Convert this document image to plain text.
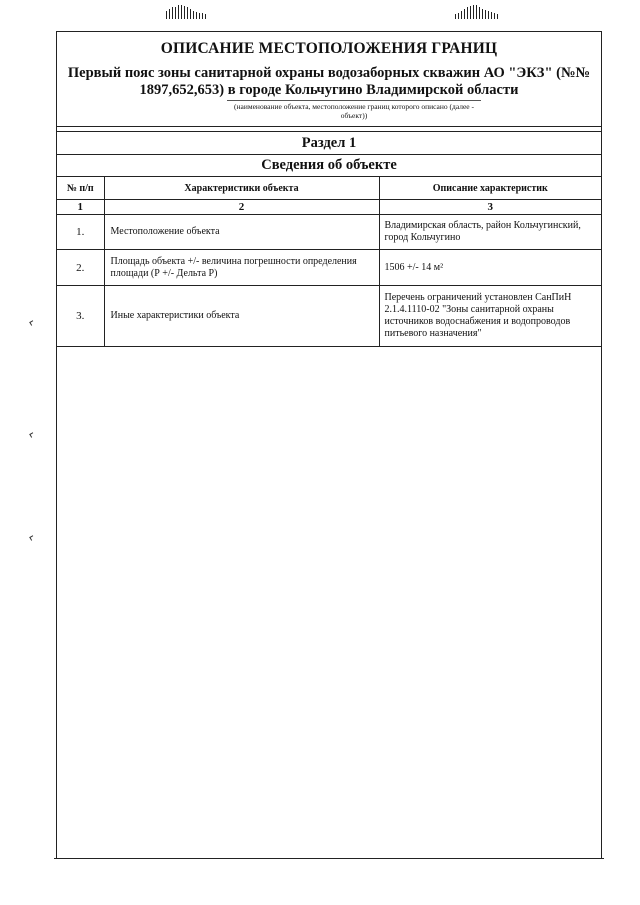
ОПИСАНИЕ МЕСТОПОЛОЖЕНИЯ ГРАНИЦ
Первый пояс зоны санитарной охраны водозаборных скважин АО "ЭКЗ" (№№ 1897,652,653) в городе Кольчугино Владимирской области
(наименование объекта, местоположение границ которого описано (далее - объект))
Раздел 1
Сведения об объекте
№ п/п	Характеристики объекта	Описание характеристик
1	2	3
1.	Местоположение объекта	Владимирская область, район Кольчугинский, город Кольчугино
2.	Площадь объекта +/- величина погрешности определения площади (Р +/- Дельта Р)	1506 +/- 14 м²
3.	Иные характеристики объекта	Перечень ограничений установлен СанПиН 2.1.4.1110-02 "Зоны санитарной охраны источников водоснабжения и водопроводов питьевого назначения"
